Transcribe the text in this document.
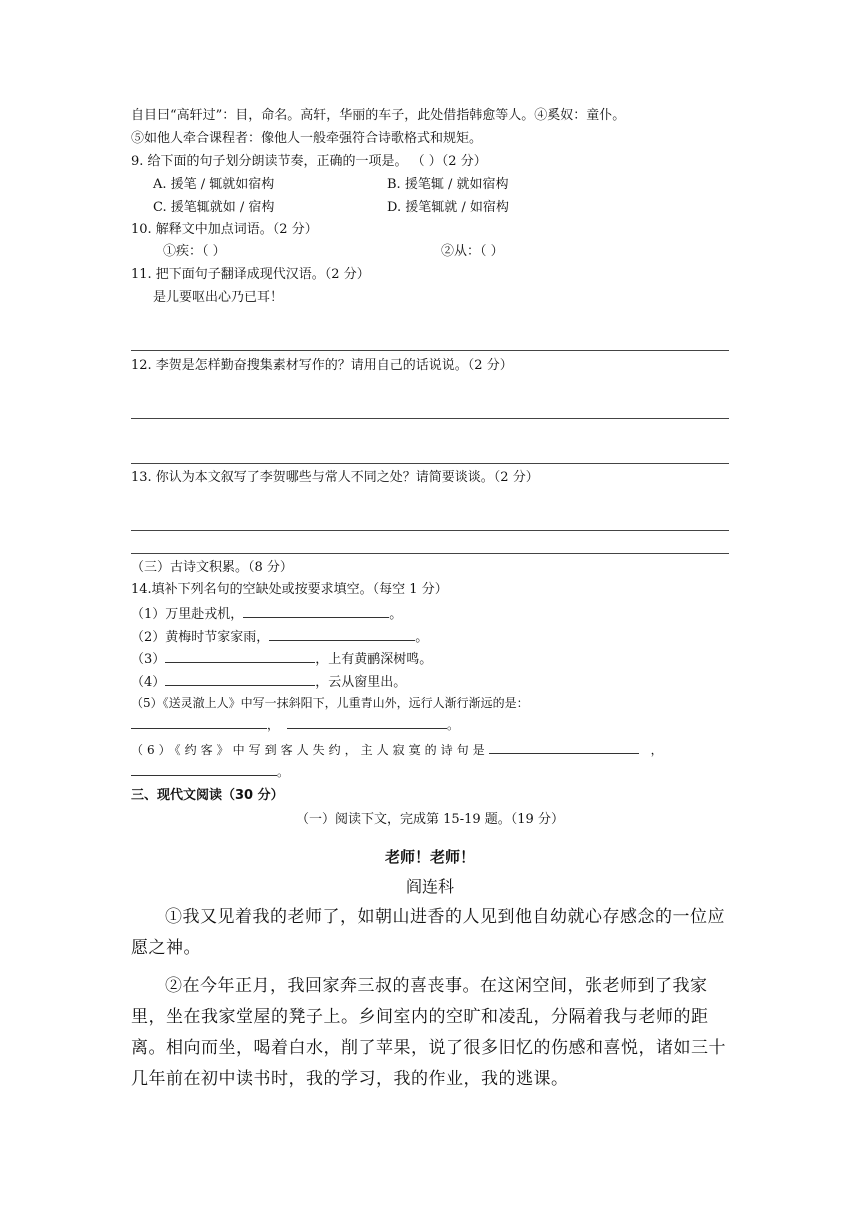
自目曰“高轩过”：目，命名。高轩，华丽的车子，此处借指韩愈等人。④奚奴：童仆。
⑤如他人牵合课程者：像他人一般牵强符合诗歌格式和规矩。
9. 给下面的句子划分朗读节奏，正确的一项是。 （ ）（2 分）
A. 援笔 / 辄就如宿构	B. 援笔辄 / 就如宿构
C. 援笔辄就如 / 宿构	D. 援笔辄就 / 如宿构
10. 解释文中加点词语。（2 分）
①疾：（ ）	②从：（ ）
11. 把下面句子翻译成现代汉语。（2 分）
是儿要呕出心乃已耳！
12. 李贺是怎样勤奋搜集素材写作的？请用自己的话说说。（2 分）
13. 你认为本文叙写了李贺哪些与常人不同之处？请简要谈谈。（2 分）
（三）古诗文积累。（8 分）
14.填补下列名句的空缺处或按要求填空。（每空 1 分）
（1）万里赴戎机，	。
（2）黄梅时节家家雨，	。
（3）	，上有黄鹂深树鸣。
（4）	，云从窗里出。
（5）《送灵澈上人》中写一抹斜阳下，儿重青山外，远行人渐行渐远的是：
，	。
（6）《约客》中写到客人失约，主人寂寞的诗句是	，
。
三、现代文阅读（30 分）
（一）阅读下文，完成第 15-19 题。（19 分）
老师！老师！
阎连科
①我又见着我的老师了，如朝山进香的人见到他自幼就心存感念的一位应愿之神。
②在今年正月，我回家奔三叔的喜丧事。在这闲空间，张老师到了我家里，坐在我家堂屋的凳子上。乡间室内的空旷和凌乱，分隔着我与老师的距离。相向而坐，喝着白水，削了苹果，说了很多旧忆的伤感和喜悦，诸如三十几年前在初中读书时，我的学习，我的作业，我的逃课。
